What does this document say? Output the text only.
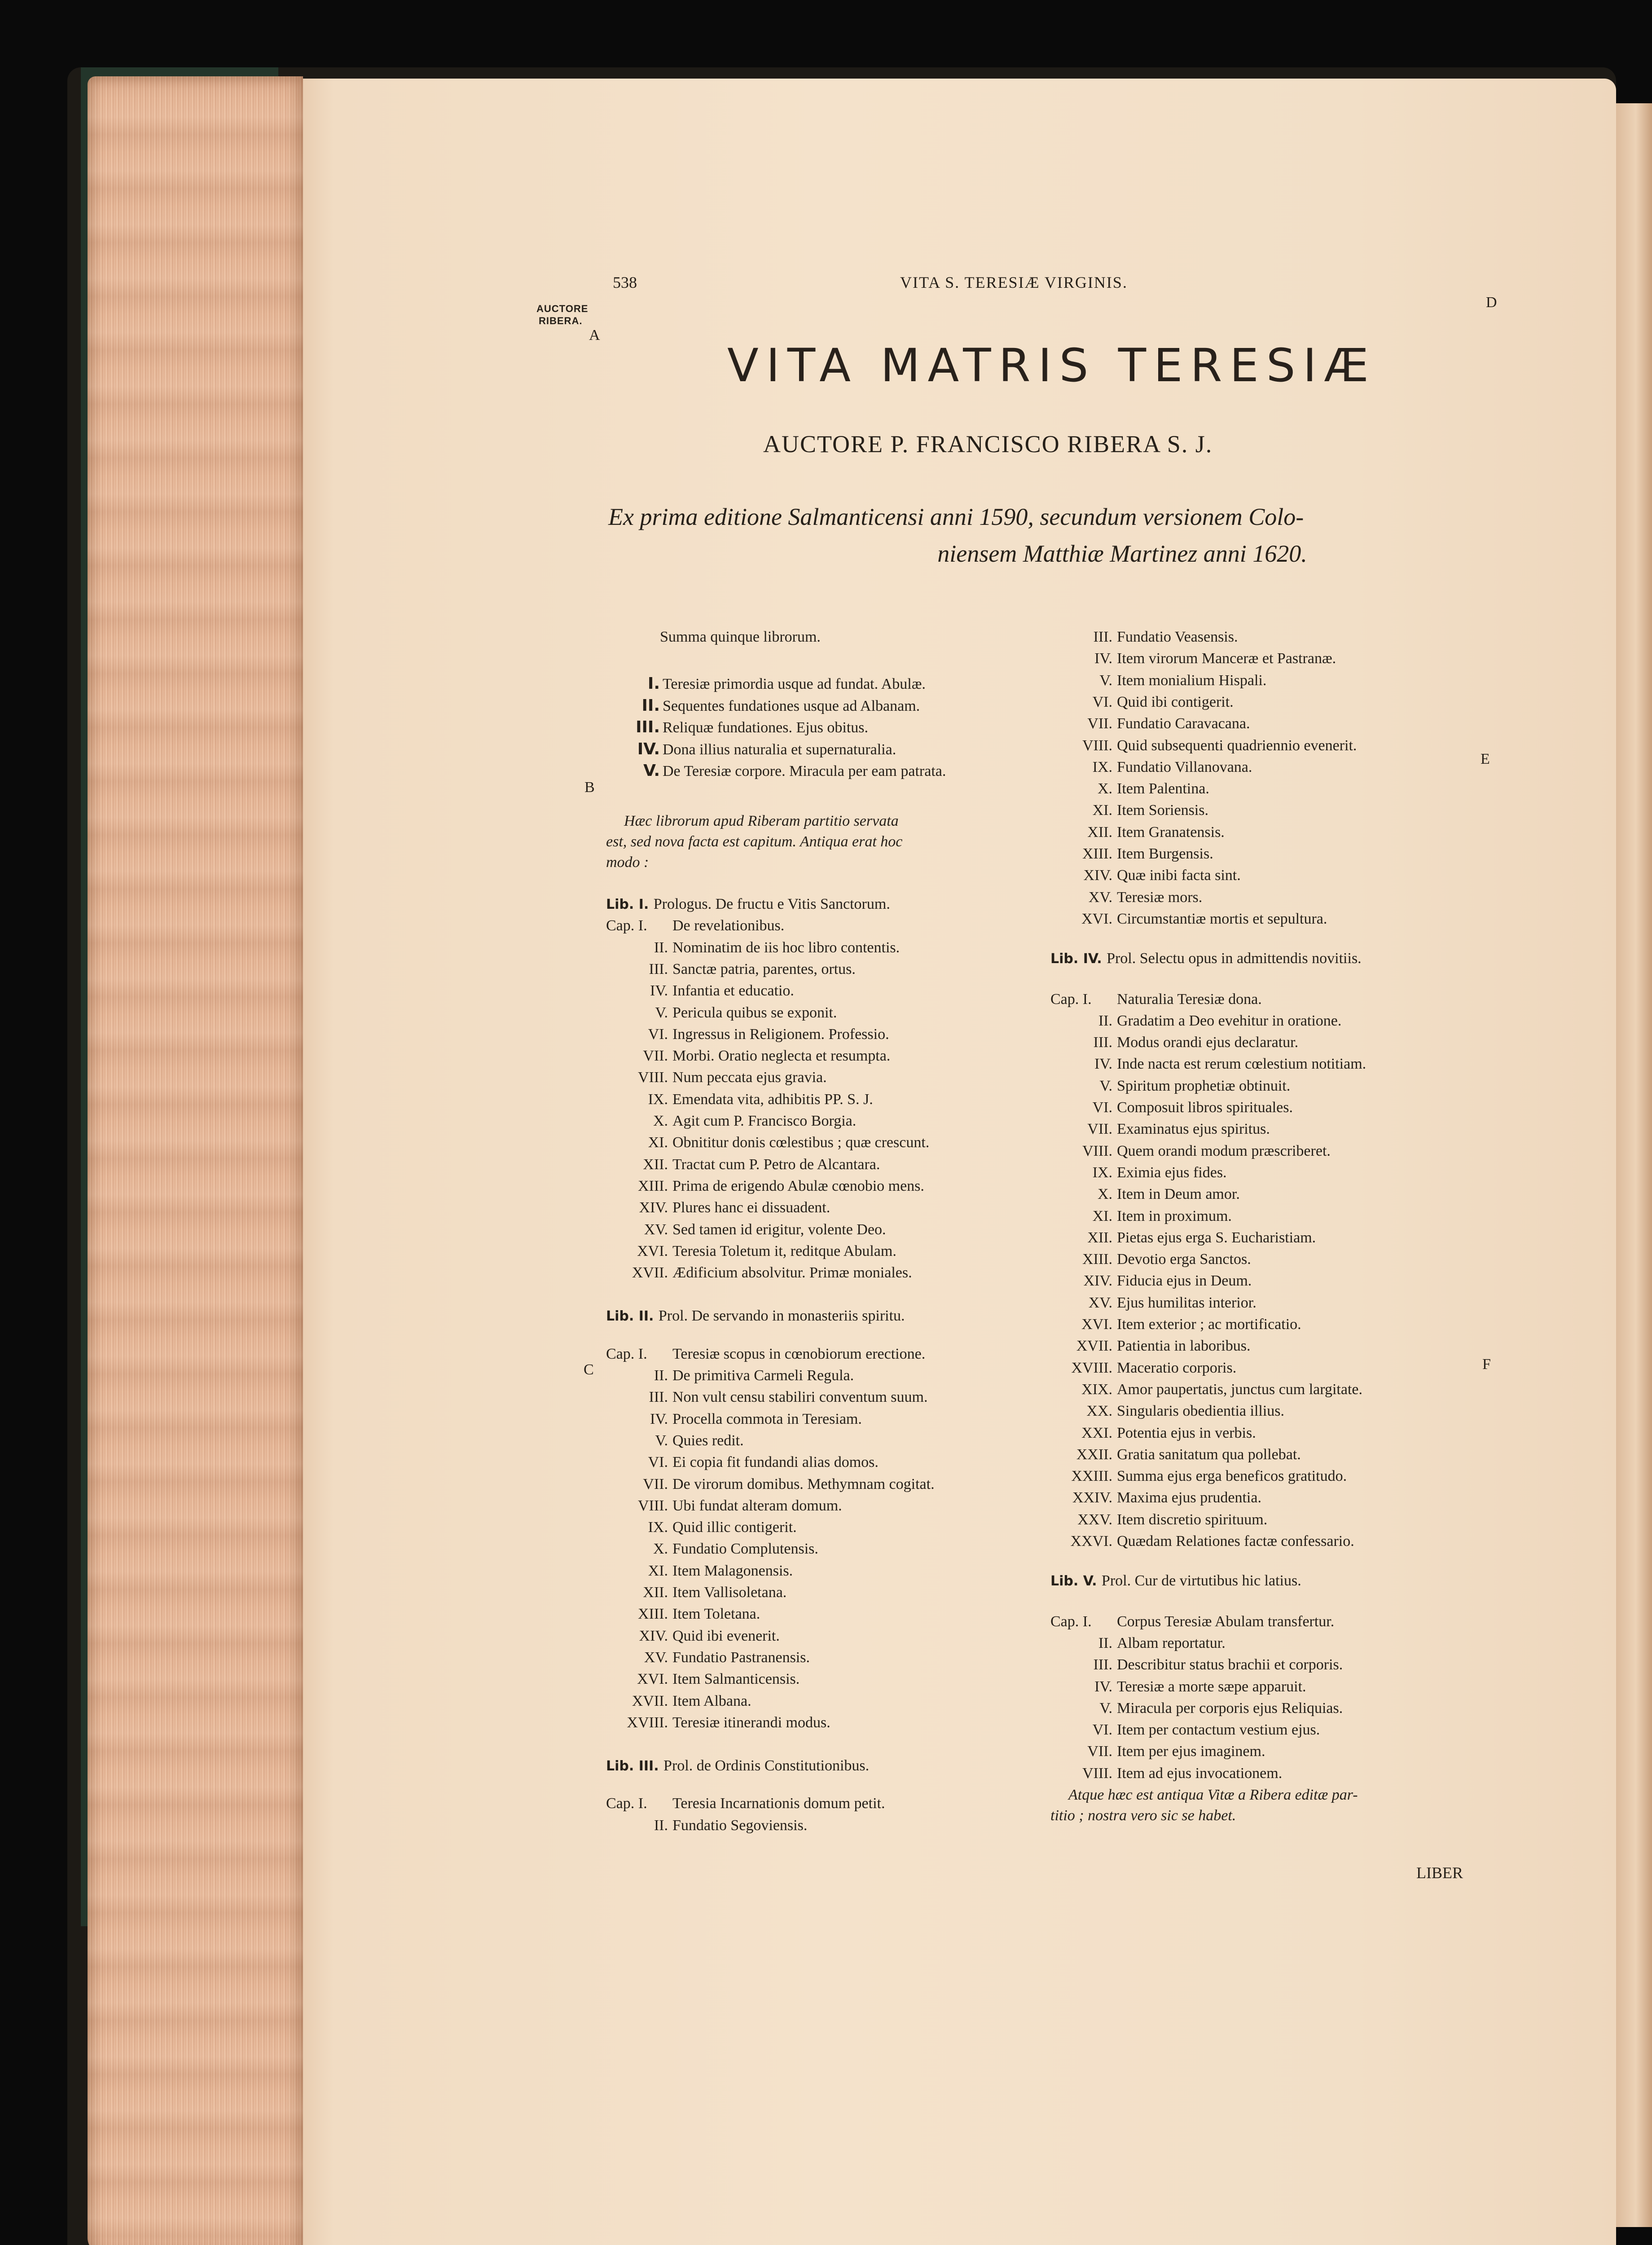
AUCTORE
RIBERA.
A
B
C
D
E
F
538	VITA S. TERESIÆ VIRGINIS.
VITA MATRIS TERESIÆ
AUCTORE P. FRANCISCO RIBERA S. J.
Ex prima editione Salmanticensi anni 1590, secundum versionem Colo-
niensem Matthiæ Martinez anni 1620.
Summa quinque librorum.
I. Teresiæ primordia usque ad fundat. Abulæ.
II. Sequentes fundationes usque ad Albanam.
III. Reliquæ fundationes. Ejus obitus.
IV. Dona illius naturalia et supernaturalia.
V. De Teresiæ corpore. Miracula per eam patrata.
Hæc librorum apud Riberam partitio servata
est, sed nova facta est capitum. Antiqua erat hoc
modo :
Lib. I. Prologus. De fructu e Vitis Sanctorum.
Cap. I. De revelationibus.
II. Nominatim de iis hoc libro contentis.
III. Sanctæ patria, parentes, ortus.
IV. Infantia et educatio.
V. Pericula quibus se exponit.
VI. Ingressus in Religionem. Professio.
VII. Morbi. Oratio neglecta et resumpta.
VIII. Num peccata ejus gravia.
IX. Emendata vita, adhibitis PP. S. J.
X. Agit cum P. Francisco Borgia.
XI. Obnititur donis cœlestibus ; quæ crescunt.
XII. Tractat cum P. Petro de Alcantara.
XIII. Prima de erigendo Abulæ cœnobio mens.
XIV. Plures hanc ei dissuadent.
XV. Sed tamen id erigitur, volente Deo.
XVI. Teresia Toletum it, reditque Abulam.
XVII. Ædificium absolvitur. Primæ moniales.
Lib. II. Prol. De servando in monasteriis spiritu.
Cap. I. Teresiæ scopus in cœnobiorum erectione.
II. De primitiva Carmeli Regula.
III. Non vult censu stabiliri conventum suum.
IV. Procella commota in Teresiam.
V. Quies redit.
VI. Ei copia fit fundandi alias domos.
VII. De virorum domibus. Methymnam cogitat.
VIII. Ubi fundat alteram domum.
IX. Quid illic contigerit.
X. Fundatio Complutensis.
XI. Item Malagonensis.
XII. Item Vallisoletana.
XIII. Item Toletana.
XIV. Quid ibi evenerit.
XV. Fundatio Pastranensis.
XVI. Item Salmanticensis.
XVII. Item Albana.
XVIII. Teresiæ itinerandi modus.
Lib. III. Prol. de Ordinis Constitutionibus.
Cap. I. Teresia Incarnationis domum petit.
II. Fundatio Segoviensis.
III. Fundatio Veasensis.
IV. Item virorum Manceræ et Pastranæ.
V. Item monialium Hispali.
VI. Quid ibi contigerit.
VII. Fundatio Caravacana.
VIII. Quid subsequenti quadriennio evenerit.
IX. Fundatio Villanovana.
X. Item Palentina.
XI. Item Soriensis.
XII. Item Granatensis.
XIII. Item Burgensis.
XIV. Quæ inibi facta sint.
XV. Teresiæ mors.
XVI. Circumstantiæ mortis et sepultura.
Lib. IV. Prol. Selectu opus in admittendis novitiis.
Cap. I. Naturalia Teresiæ dona.
II. Gradatim a Deo evehitur in oratione.
III. Modus orandi ejus declaratur.
IV. Inde nacta est rerum cœlestium notitiam.
V. Spiritum prophetiæ obtinuit.
VI. Composuit libros spirituales.
VII. Examinatus ejus spiritus.
VIII. Quem orandi modum præscriberet.
IX. Eximia ejus fides.
X. Item in Deum amor.
XI. Item in proximum.
XII. Pietas ejus erga S. Eucharistiam.
XIII. Devotio erga Sanctos.
XIV. Fiducia ejus in Deum.
XV. Ejus humilitas interior.
XVI. Item exterior ; ac mortificatio.
XVII. Patientia in laboribus.
XVIII. Maceratio corporis.
XIX. Amor paupertatis, junctus cum largitate.
XX. Singularis obedientia illius.
XXI. Potentia ejus in verbis.
XXII. Gratia sanitatum qua pollebat.
XXIII. Summa ejus erga beneficos gratitudo.
XXIV. Maxima ejus prudentia.
XXV. Item discretio spirituum.
XXVI. Quædam Relationes factæ confessario.
Lib. V. Prol. Cur de virtutibus hic latius.
Cap. I. Corpus Teresiæ Abulam transfertur.
II. Albam reportatur.
III. Describitur status brachii et corporis.
IV. Teresiæ a morte sæpe apparuit.
V. Miracula per corporis ejus Reliquias.
VI. Item per contactum vestium ejus.
VII. Item per ejus imaginem.
VIII. Item ad ejus invocationem.
Atque hæc est antiqua Vitæ a Ribera editæ par-
titio ; nostra vero sic se habet.
LIBER
